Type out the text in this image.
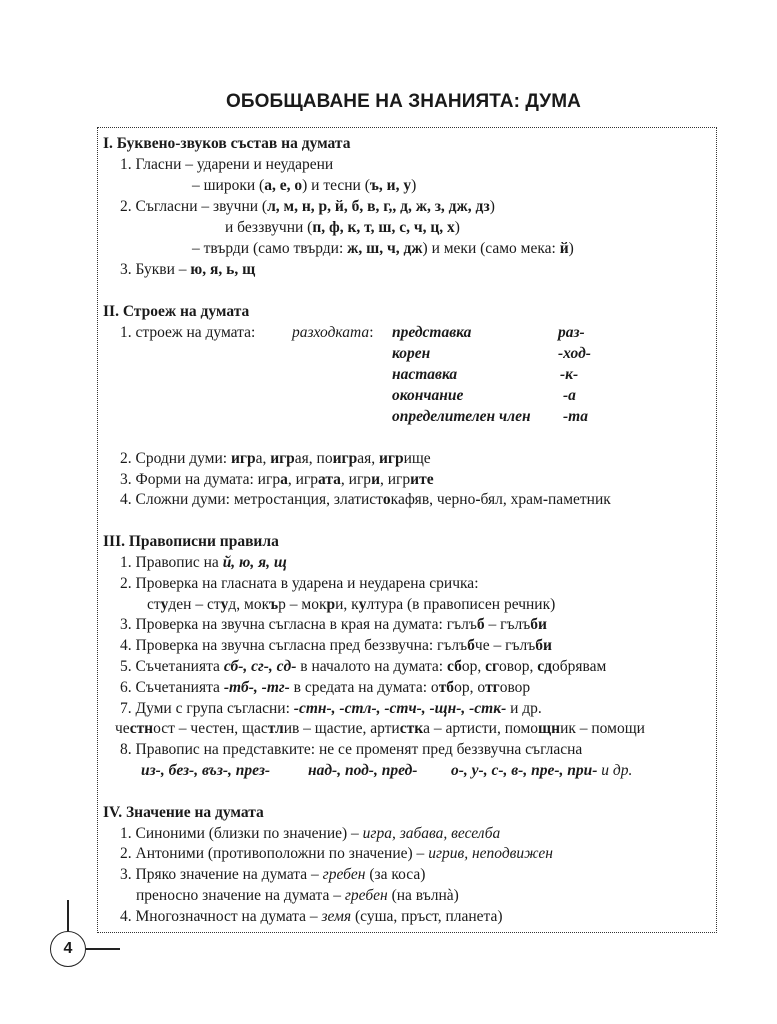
ОБОБЩАВАНЕ НА ЗНАНИЯТА: ДУМА
I. Буквено-звуков състав на думата
1. Гласни – ударени и неударени
– широки (а, е, о) и тесни (ъ, и, у)
2. Съгласни – звучни (л, м, н, р, й, б, в, г,, д, ж, з, дж, дз)
и беззвучни (п, ф, к, т, ш, с, ч, ц, х)
– твърди (само твърди: ж, ш, ч, дж) и меки (само мека: й)
3. Букви – ю, я, ь, щ
II. Строеж на думата
1. строеж на думата: разходката: представка	раз-
корен	-ход-
наставка	-к-
окончание	-а
определителен член -та
2. Сродни думи: игра, играя, поиграя, игрище
3. Форми на думата: игра, играта, игри, игрите
4. Сложни думи: метростанция, златистокафяв, черно-бял, храм-паметник
III. Правописни правила
1. Правопис на й, ю, я, щ
2. Проверка на гласната в ударена и неударена сричка:
студен – студ, мокър – мокри, култура (в правописен речник)
3. Проверка на звучна съгласна в края на думата: гълъб – гълъби
4. Проверка на звучна съгласна пред беззвучна: гълъбче – гълъби
5. Съчетанията сб-, сг-, сд- в началото на думата: сбор, сговор, сдобрявам
6. Съчетанията -тб-, -тг- в средата на думата: отбор, отговор
7. Думи с група съгласни: -стн-, -стл-, -стч-, -щн-, -стк- и др.
честност – честен, щастлив – щастие, артистка – артисти, помощник – помощи
8. Правопис на представките: не се променят пред беззвучна съгласна
из-, без-, въз-, през- над-, под-, пред- о-, у-, с-, в-, пре-, при- и др.
IV. Значение на думата
1. Синоними (близки по значение) – игра, забава, веселба
2. Антоними (противоположни по значение) – игрив, неподвижен
3. Пряко значение на думата – гребен (за коса)
преносно значение на думата – гребен (на вълнà)
4. Многозначност на думата – земя (суша, пръст, планета)
4
